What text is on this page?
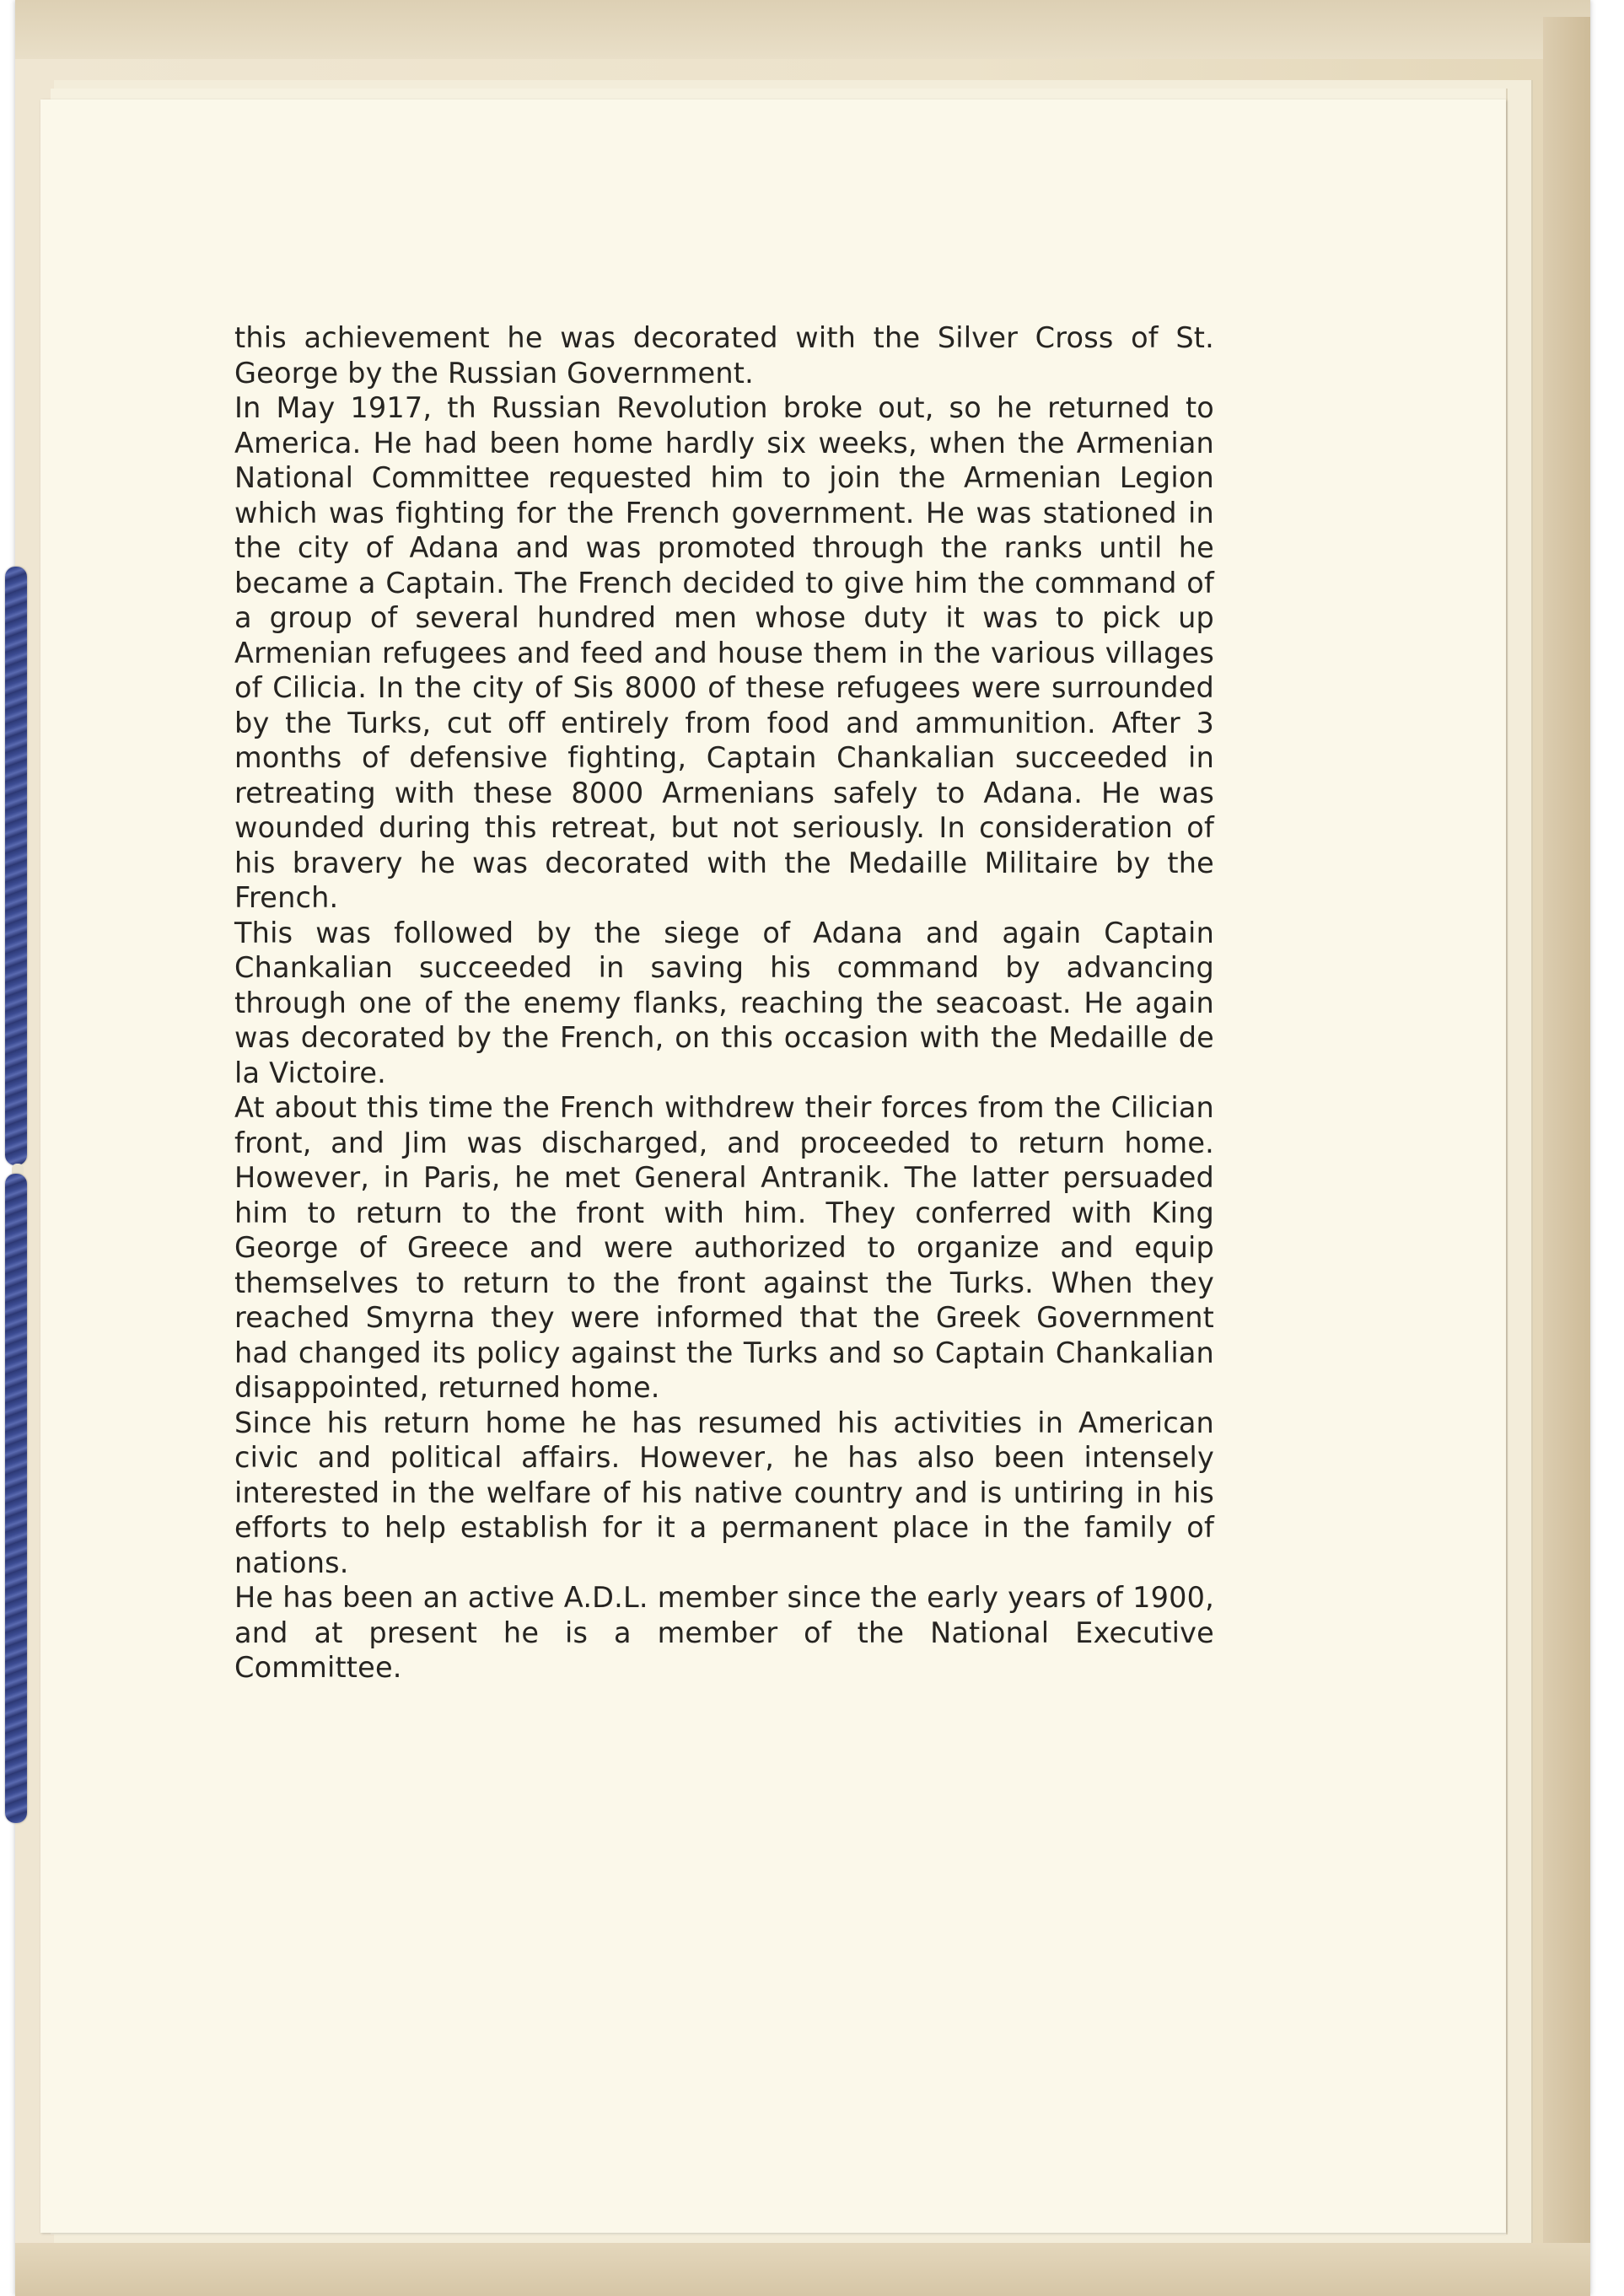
this achievement he was decorated with the Silver Cross of St. George by the Russian Government.

In May 1917, th Russian Revolution broke out, so he returned to America. He had been home hardly six weeks, when the Armenian National Committee requested him to join the Armenian Legion which was fighting for the French government. He was stationed in the city of Adana and was promoted through the ranks until he became a Captain. The French decided to give him the command of a group of several hundred men whose duty it was to pick up Armenian refugees and feed and house them in the various villages of Cilicia. In the city of Sis 8000 of these refugees were surrounded by the Turks, cut off entirely from food and ammunition. After 3 months of defensive fighting, Captain Chankalian succeeded in retreating with these 8000 Armenians safely to Adana. He was wounded during this retreat, but not seriously. In consideration of his bravery he was decorated with the Medaille Militaire by the French.

This was followed by the siege of Adana and again Captain Chankalian succeeded in saving his command by advancing through one of the enemy flanks, reaching the seacoast. He again was decorated by the French, on this occasion with the Medaille de la Victoire.

At about this time the French withdrew their forces from the Cilician front, and Jim was discharged, and proceeded to return home. However, in Paris, he met General Antranik. The latter persuaded him to return to the front with him. They conferred with King George of Greece and were authorized to organize and equip themselves to return to the front against the Turks. When they reached Smyrna they were informed that the Greek Government had changed its policy against the Turks and so Captain Chankalian disappointed, returned home.

Since his return home he has resumed his activities in American civic and political affairs. However, he has also been intensely interested in the welfare of his native country and is untiring in his efforts to help establish for it a permanent place in the family of nations.

He has been an active A.D.L. member since the early years of 1900, and at present he is a member of the National Executive Committee.
